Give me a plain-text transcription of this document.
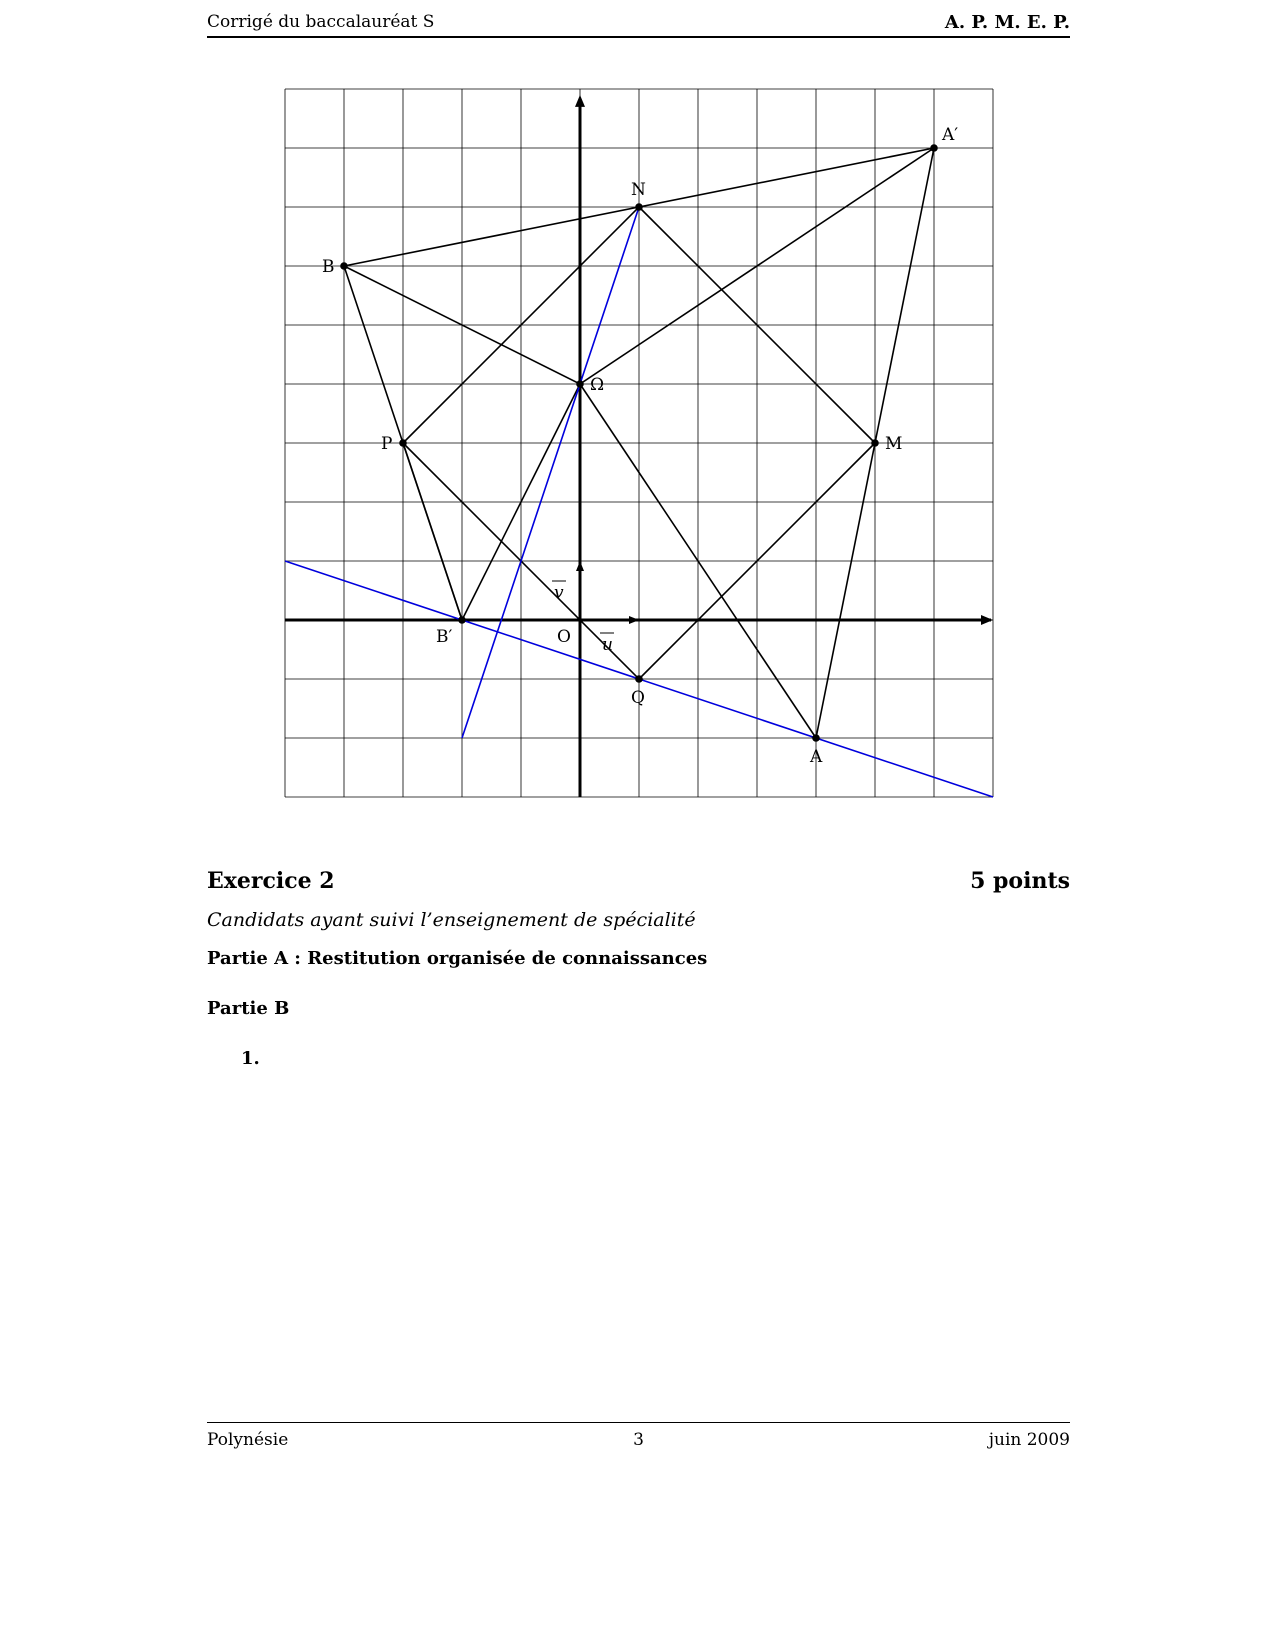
Corrigé du baccalauréat S	A. P. M. E. P.
O u
v
A
A′
B
B′
Ω
M
N
P
Q
Exercice 2	5 points
Candidats ayant suivi l’enseignement de spécialité
Partie A : Restitution organisée de connaissances
Partie B
1.
Polynésie	3	juin 2009
